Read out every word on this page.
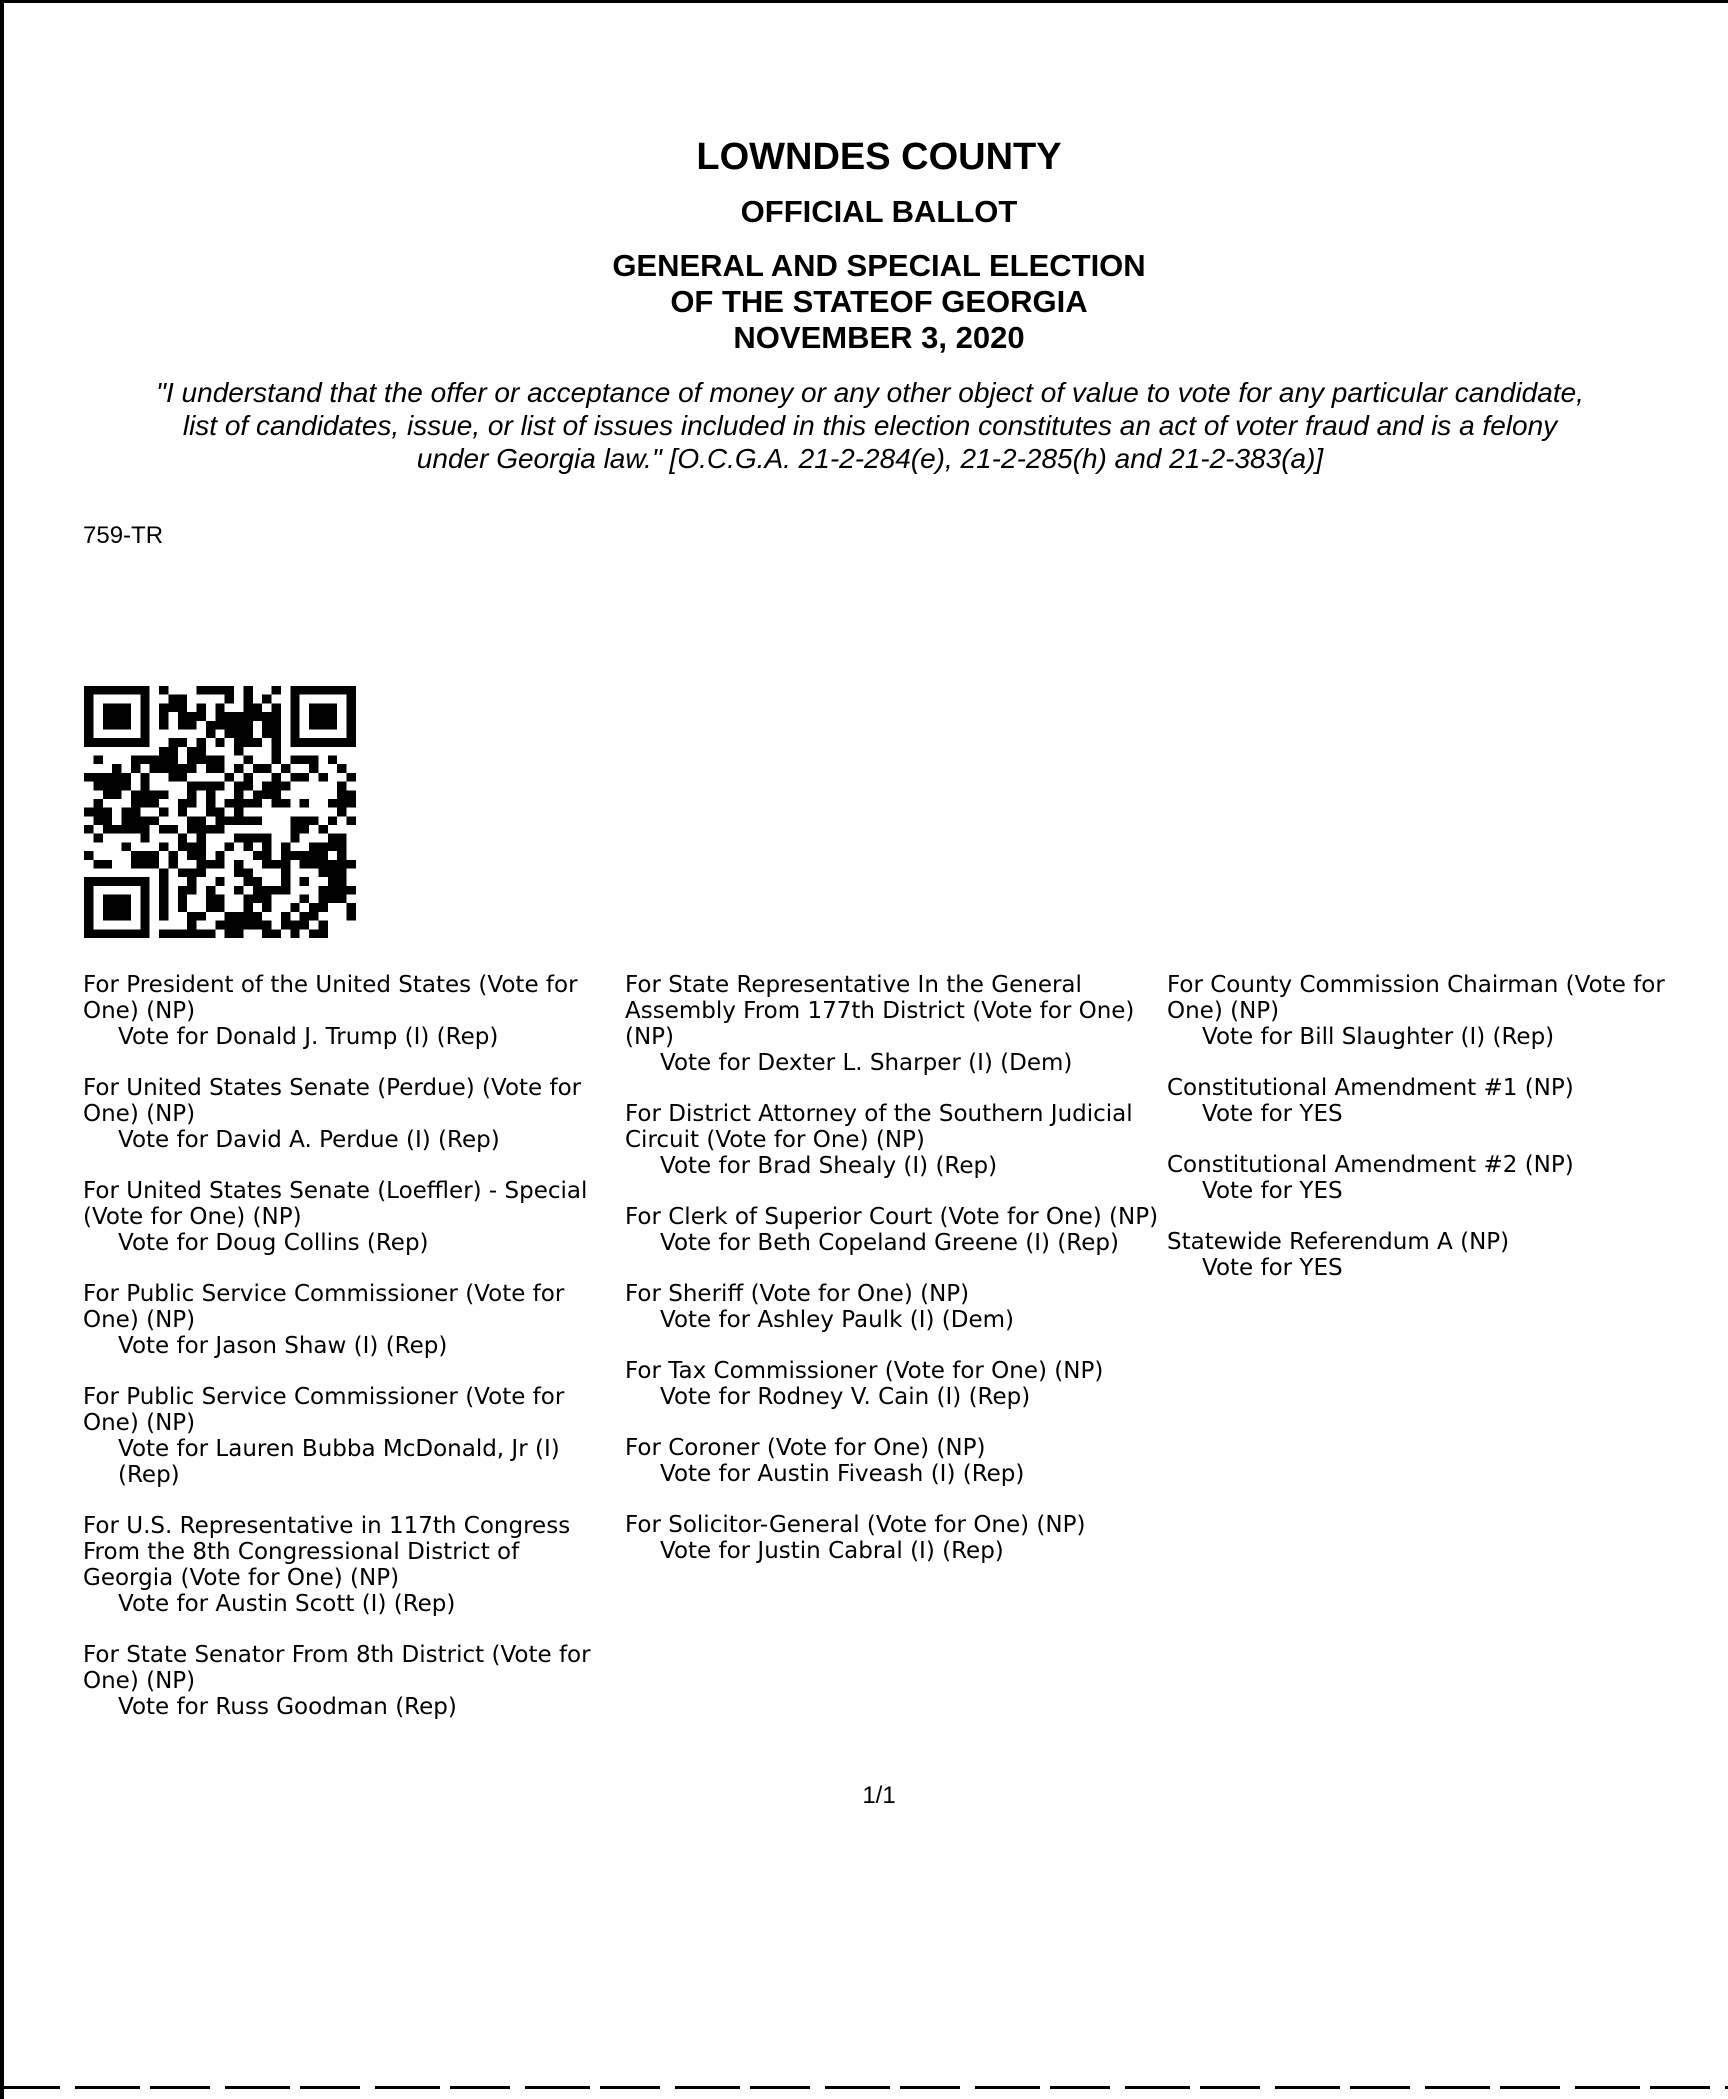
LOWNDES COUNTY
OFFICIAL BALLOT
GENERAL AND SPECIAL ELECTION
OF THE STATEOF GEORGIA
NOVEMBER 3, 2020
"I understand that the offer or acceptance of money or any other object of value to vote for any particular candidate,
list of candidates, issue, or list of issues included in this election constitutes an act of voter fraud and is a felony
under Georgia law." [O.C.G.A. 21-2-284(e), 21-2-285(h) and 21-2-383(a)]
759-TR
For President of the United States (Vote for One) (NP)
Vote for Donald J. Trump (I) (Rep)
For United States Senate (Perdue) (Vote for One) (NP)
Vote for David A. Perdue (I) (Rep)
For United States Senate (Loeffler) - Special (Vote for One) (NP)
Vote for Doug Collins (Rep)
For Public Service Commissioner (Vote for One) (NP)
Vote for Jason Shaw (I) (Rep)
For Public Service Commissioner (Vote for One) (NP)
Vote for Lauren Bubba McDonald, Jr (I) (Rep)
For U.S. Representative in 117th Congress From the 8th Congressional District of Georgia (Vote for One) (NP)
Vote for Austin Scott (I) (Rep)
For State Senator From 8th District (Vote for One) (NP)
Vote for Russ Goodman (Rep)
For State Representative In the General Assembly From 177th District (Vote for One) (NP)
Vote for Dexter L. Sharper (I) (Dem)
For District Attorney of the Southern Judicial Circuit (Vote for One) (NP)
Vote for Brad Shealy (I) (Rep)
For Clerk of Superior Court (Vote for One) (NP)
Vote for Beth Copeland Greene (I) (Rep)
For Sheriff (Vote for One) (NP)
Vote for Ashley Paulk (I) (Dem)
For Tax Commissioner (Vote for One) (NP)
Vote for Rodney V. Cain (I) (Rep)
For Coroner (Vote for One) (NP)
Vote for Austin Fiveash (I) (Rep)
For Solicitor-General (Vote for One) (NP)
Vote for Justin Cabral (I) (Rep)
For County Commission Chairman (Vote for One) (NP)
Vote for Bill Slaughter (I) (Rep)
Constitutional Amendment #1 (NP)
Vote for YES
Constitutional Amendment #2 (NP)
Vote for YES
Statewide Referendum A (NP)
Vote for YES
1/1
